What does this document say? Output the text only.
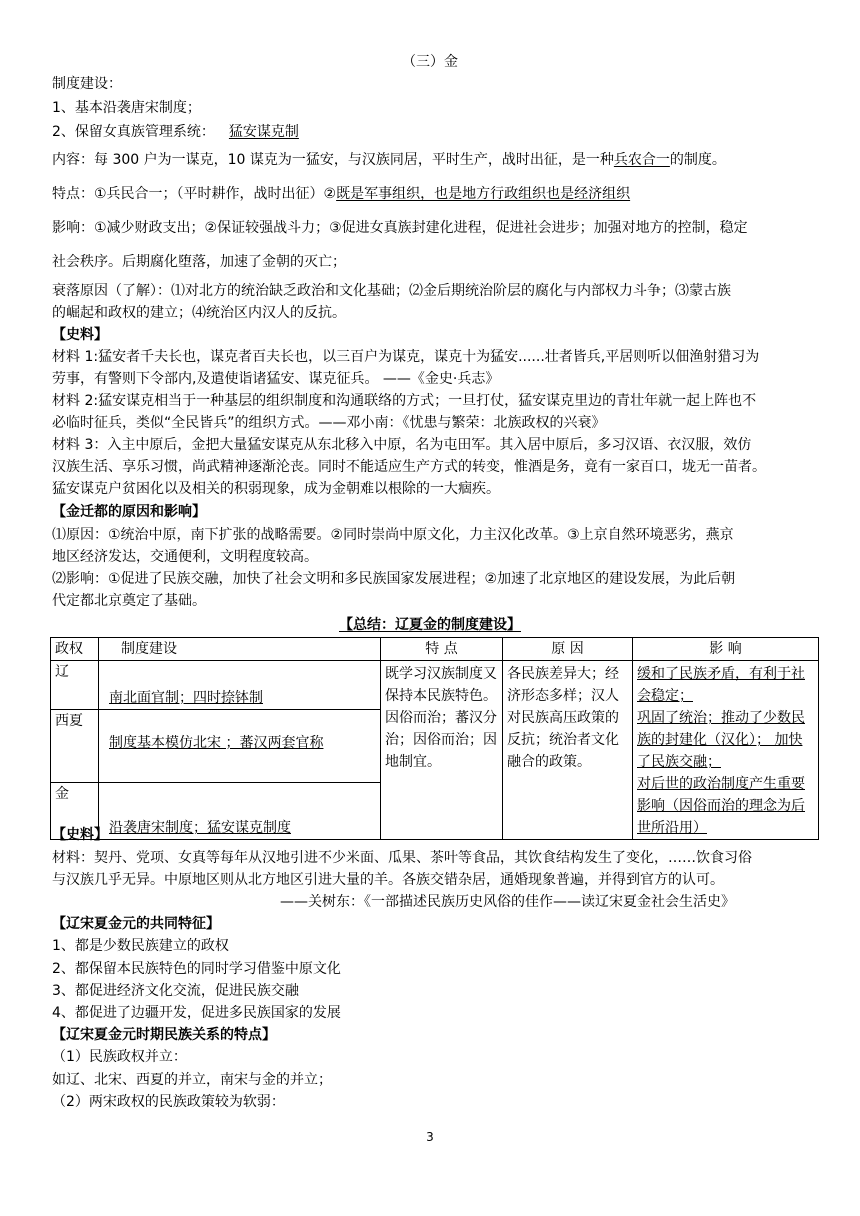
（三）金
制度建设：
1、基本沿袭唐宋制度；
2、保留女真族管理系统： 猛安谋克制
内容：每 300 户为一谋克，10 谋克为一猛安，与汉族同居，平时生产，战时出征，是一种兵农合一的制度。
特点：①兵民合一；（平时耕作，战时出征）②既是军事组织，也是地方行政组织也是经济组织
影响：①减少财政支出；②保证较强战斗力；③促进女真族封建化进程，促进社会进步；加强对地方的控制，稳定
社会秩序。后期腐化堕落，加速了金朝的灭亡；
衰落原因（了解）：⑴对北方的统治缺乏政治和文化基础；⑵金后期统治阶层的腐化与内部权力斗争；⑶蒙古族
的崛起和政权的建立；⑷统治区内汉人的反抗。
【史料】
材料 1:猛安者千夫长也，谋克者百夫长也，以三百户为谋克，谋克十为猛安......壮者皆兵,平居则听以佃渔射猎习为
劳事，有警则下令部内,及遣使诣诸猛安、谋克征兵。 ——《金史·兵志》
材料 2:猛安谋克相当于一种基层的组织制度和沟通联络的方式；一旦打仗，猛安谋克里边的青壮年就一起上阵也不
必临时征兵，类似“全民皆兵”的组织方式。——邓小南：《忧患与繁荣：北族政权的兴衰》
材料 3：入主中原后，金把大量猛安谋克从东北移入中原，名为屯田军。其入居中原后，多习汉语、衣汉服，效仿
汉族生活、享乐习惯，尚武精神逐渐沦丧。同时不能适应生产方式的转变，惟酒是务，竟有一家百口，垅无一苗者。
猛安谋克户贫困化以及相关的积弱现象，成为金朝难以根除的一大痼疾。
【金迁都的原因和影响】
⑴原因：①统治中原，南下扩张的战略需要。②同时崇尚中原文化，力主汉化改革。③上京自然环境恶劣，燕京
地区经济发达，交通便利，文明程度较高。
⑵影响：①促进了民族交融，加快了社会文明和多民族国家发展进程；②加速了北京地区的建设发展，为此后朝
代定都北京奠定了基础。
【总结：辽夏金的制度建设】
政权	制度建设	特 点	原 因	影 响
辽	南北面官制；四时捺钵制	既学习汉族制度又保持本民族特色。因俗而治；蕃汉分治；因俗而治；因地制宜。	各民族差异大；经济形态多样；汉人对民族高压政策的反抗；统治者文化融合的政策。	缓和了民族矛盾，有利于社会稳定；
巩固了统治；推动了少数民族的封建化（汉化）； 加快了民族交融；
对后世的政治制度产生重要影响（因俗而治的理念为后世所沿用）

西夏	制度基本模仿北宋 ；蕃汉两套官称			

金	沿袭唐宋制度；猛安谋克制度			
【史料】
材料：契丹、党项、女真等每年从汉地引进不少米面、瓜果、茶叶等食品，其饮食结构发生了变化，……饮食习俗
与汉族几乎无异。中原地区则从北方地区引进大量的羊。各族交错杂居，通婚现象普遍，并得到官方的认可。
——关树东：《一部描述民族历史风俗的佳作——读辽宋夏金社会生活史》
【辽宋夏金元的共同特征】
1、都是少数民族建立的政权
2、都保留本民族特色的同时学习借鉴中原文化
3、都促进经济文化交流，促进民族交融
4、都促进了边疆开发，促进多民族国家的发展
【辽宋夏金元时期民族关系的特点】
（1）民族政权并立：
如辽、北宋、西夏的并立，南宋与金的并立；
（2）两宋政权的民族政策较为软弱：
3
